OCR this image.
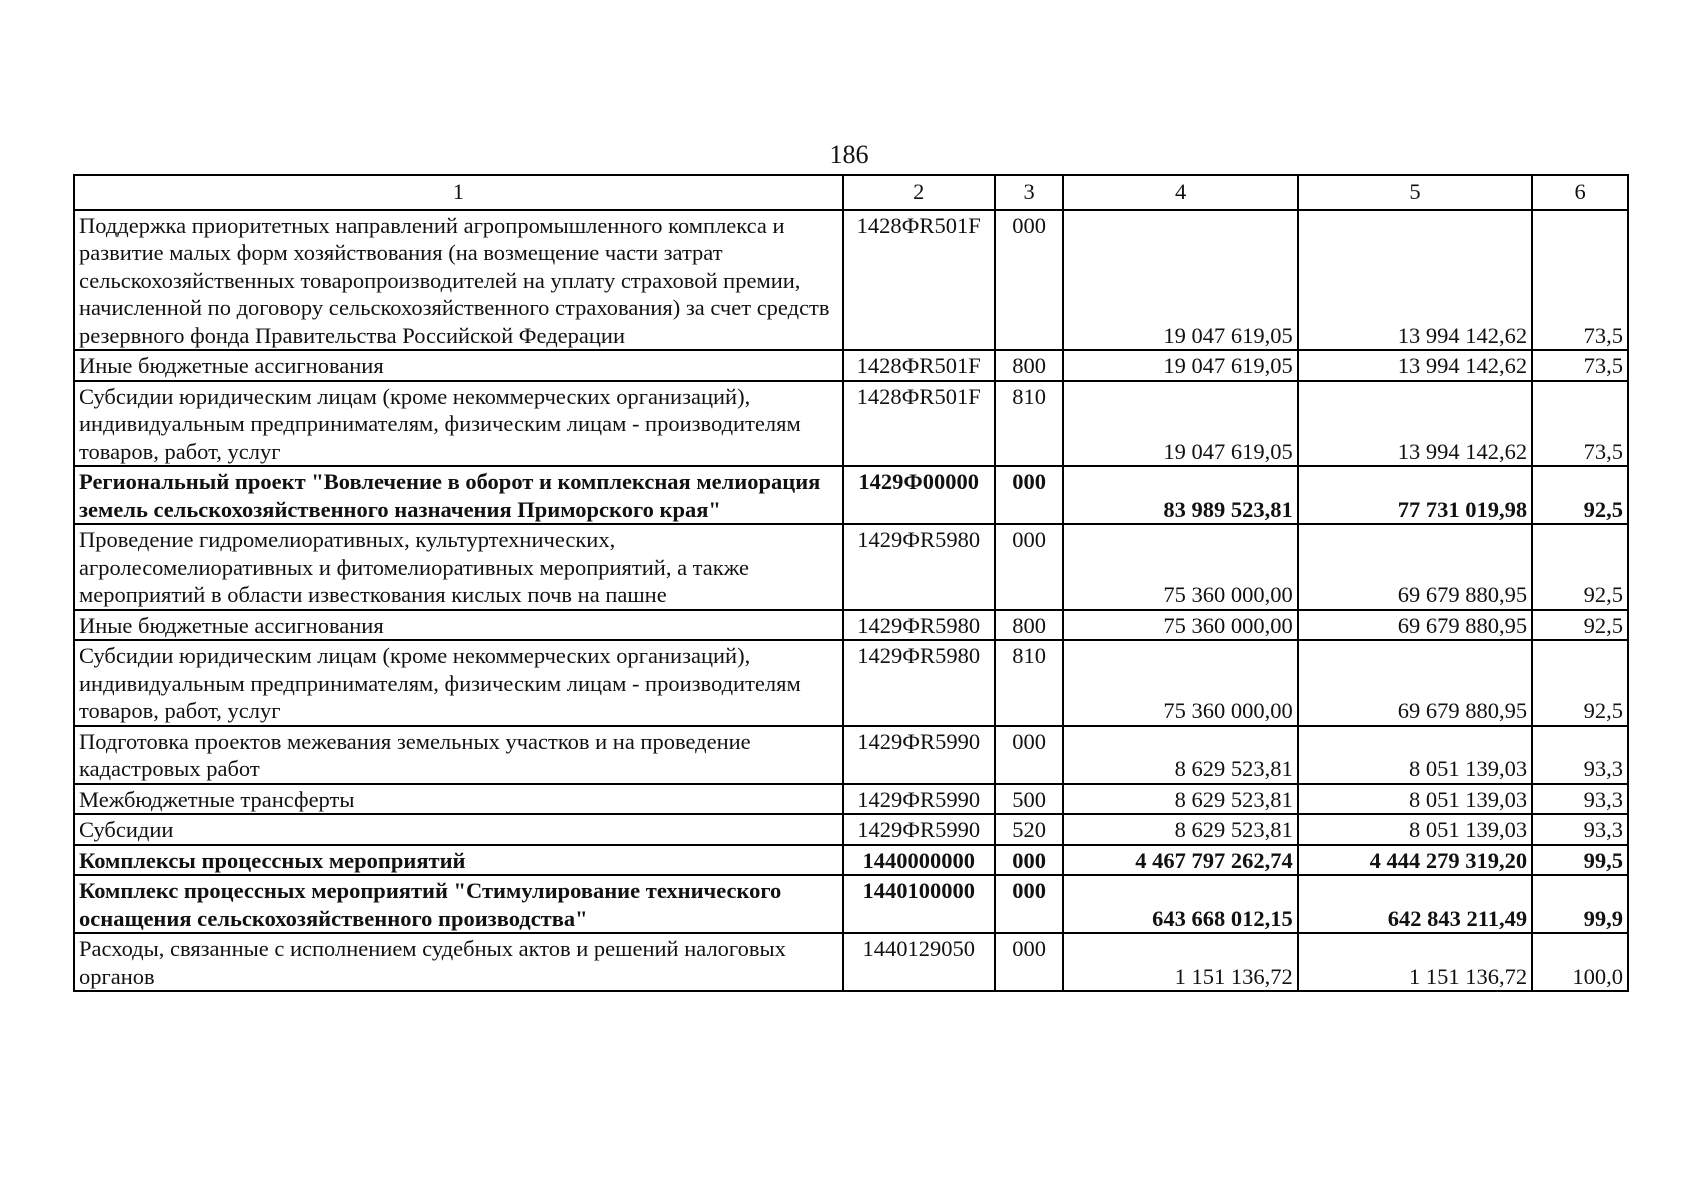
186
1	2	3	4	5	6
Поддержка приоритетных направлений агропромышленного комплекса и развитие малых форм хозяйствования (на возмещение части затрат сельскохозяйственных товаропроизводителей на уплату страховой премии, начисленной по договору сельскохозяйственного страхования) за счет средств резервного фонда Правительства Российской Федерации	1428ФR501F	000	19 047 619,05	13 994 142,62	73,5
Иные бюджетные ассигнования	1428ФR501F	800	19 047 619,05	13 994 142,62	73,5
Субсидии юридическим лицам (кроме некоммерческих организаций), индивидуальным предпринимателям, физическим лицам - производителям товаров, работ, услуг	1428ФR501F	810	19 047 619,05	13 994 142,62	73,5
Региональный проект "Вовлечение в оборот и комплексная мелиорация земель сельскохозяйственного назначения Приморского края"	1429Ф00000	000	83 989 523,81	77 731 019,98	92,5
Проведение гидромелиоративных, культуртехнических, агролесомелиоративных и фитомелиоративных мероприятий, а также мероприятий в области известкования кислых почв на пашне	1429ФR5980	000	75 360 000,00	69 679 880,95	92,5
Иные бюджетные ассигнования	1429ФR5980	800	75 360 000,00	69 679 880,95	92,5
Субсидии юридическим лицам (кроме некоммерческих организаций), индивидуальным предпринимателям, физическим лицам - производителям товаров, работ, услуг	1429ФR5980	810	75 360 000,00	69 679 880,95	92,5
Подготовка проектов межевания земельных участков и на проведение кадастровых работ	1429ФR5990	000	8 629 523,81	8 051 139,03	93,3
Межбюджетные трансферты	1429ФR5990	500	8 629 523,81	8 051 139,03	93,3
Субсидии	1429ФR5990	520	8 629 523,81	8 051 139,03	93,3
Комплексы процессных мероприятий	1440000000	000	4 467 797 262,74	4 444 279 319,20	99,5
Комплекс процессных мероприятий "Стимулирование технического оснащения сельскохозяйственного производства"	1440100000	000	643 668 012,15	642 843 211,49	99,9
Расходы, связанные с исполнением судебных актов и решений налоговых органов	1440129050	000	1 151 136,72	1 151 136,72	100,0
